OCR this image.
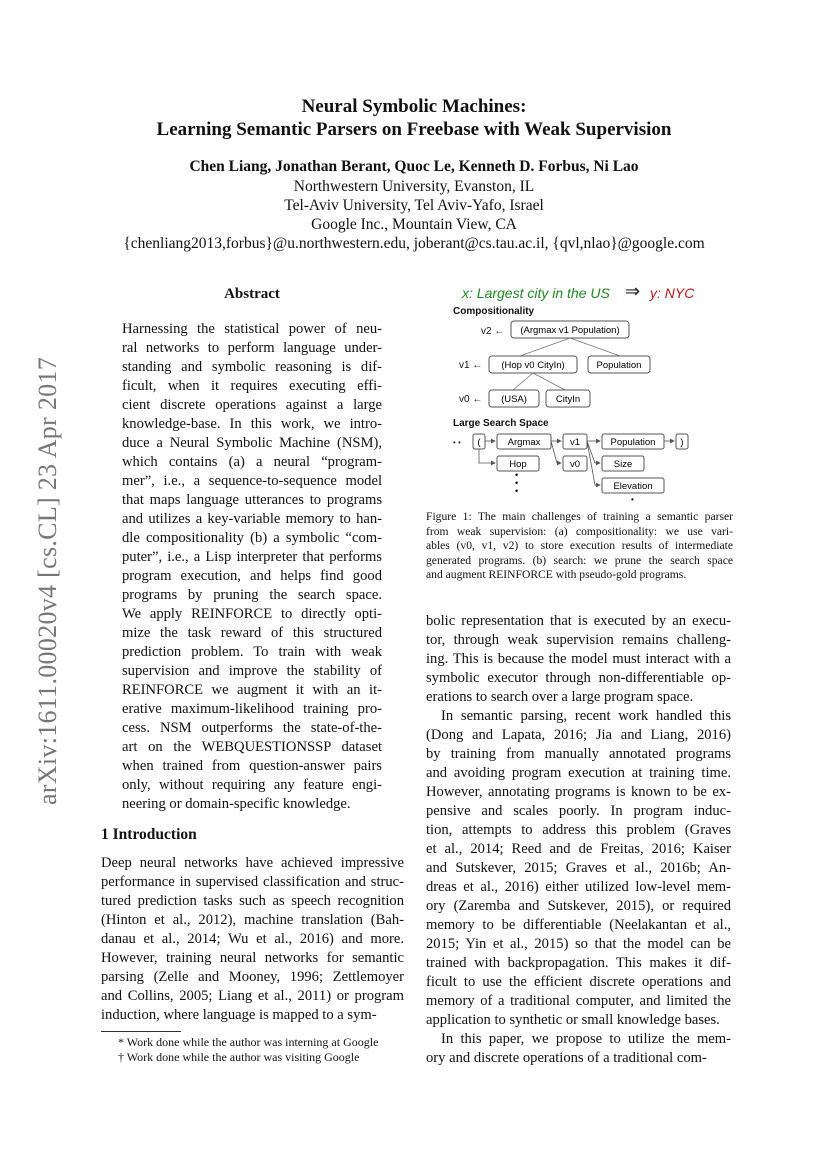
arXiv:1611.00020v4 [cs.CL] 23 Apr 2017
Neural Symbolic Machines:
Learning Semantic Parsers on Freebase with Weak Supervision
Chen Liang, Jonathan Berant, Quoc Le, Kenneth D. Forbus, Ni Lao
Northwestern University, Evanston, IL
Tel-Aviv University, Tel Aviv-Yafo, Israel
Google Inc., Mountain View, CA
{chenliang2013,forbus}@u.northwestern.edu, joberant@cs.tau.ac.il, {qvl,nlao}@google.com
Abstract
Harnessing the statistical power of neu-
ral networks to perform language under-
standing and symbolic reasoning is dif-
ficult, when it requires executing effi-
cient discrete operations against a large
knowledge-base. In this work, we intro-
duce a Neural Symbolic Machine (NSM),
which contains (a) a neural “program-
mer”, i.e., a sequence-to-sequence model
that maps language utterances to programs
and utilizes a key-variable memory to han-
dle compositionality (b) a symbolic “com-
puter”, i.e., a Lisp interpreter that performs
program execution, and helps find good
programs by pruning the search space.
We apply REINFORCE to directly opti-
mize the task reward of this structured
prediction problem. To train with weak
supervision and improve the stability of
REINFORCE we augment it with an it-
erative maximum-likelihood training pro-
cess. NSM outperforms the state-of-the-
art on the WEBQUESTIONSSP dataset
when trained from question-answer pairs
only, without requiring any feature engi-
neering or domain-specific knowledge.
1 Introduction
Deep neural networks have achieved impressive
performance in supervised classification and struc-
tured prediction tasks such as speech recognition
(Hinton et al., 2012), machine translation (Bah-
danau et al., 2014; Wu et al., 2016) and more.
However, training neural networks for semantic
parsing (Zelle and Mooney, 1996; Zettlemoyer
and Collins, 2005; Liang et al., 2011) or program
induction, where language is mapped to a sym-
* Work done while the author was interning at Google
† Work done while the author was visiting Google
x: Largest city in the US ⇒ y: NYC
Compositionality
v2 ← (Argmax v1 Population)
v1 ← (Hop v0 CityIn)	Population
v0 ← (USA)	CityIn
Large Search Space
• • (	Argmax	v1	Population	)
Hop
•
•
•
v0	Size
Elevation
•
Figure 1: The main challenges of training a semantic parser
from weak supervision: (a) compositionality: we use vari-
ables (v0, v1, v2) to store execution results of intermediate
generated programs. (b) search: we prune the search space
and augment REINFORCE with pseudo-gold programs.
bolic representation that is executed by an execu-
tor, through weak supervision remains challeng-
ing. This is because the model must interact with a
symbolic executor through non-differentiable op-
erations to search over a large program space.
In semantic parsing, recent work handled this
(Dong and Lapata, 2016; Jia and Liang, 2016)
by training from manually annotated programs
and avoiding program execution at training time.
However, annotating programs is known to be ex-
pensive and scales poorly. In program induc-
tion, attempts to address this problem (Graves
et al., 2014; Reed and de Freitas, 2016; Kaiser
and Sutskever, 2015; Graves et al., 2016b; An-
dreas et al., 2016) either utilized low-level mem-
ory (Zaremba and Sutskever, 2015), or required
memory to be differentiable (Neelakantan et al.,
2015; Yin et al., 2015) so that the model can be
trained with backpropagation. This makes it dif-
ficult to use the efficient discrete operations and
memory of a traditional computer, and limited the
application to synthetic or small knowledge bases.
In this paper, we propose to utilize the mem-
ory and discrete operations of a traditional com-
